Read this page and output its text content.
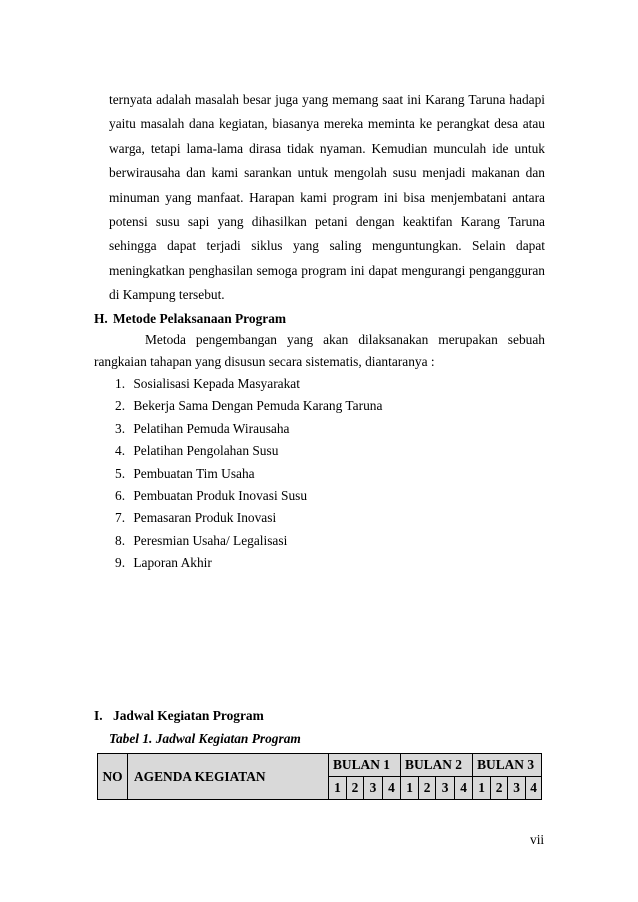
ternyata adalah masalah besar juga yang memang saat ini Karang Taruna hadapi yaitu masalah dana kegiatan, biasanya mereka meminta ke perangkat desa atau warga, tetapi lama-lama dirasa tidak nyaman. Kemudian munculah ide untuk berwirausaha dan kami sarankan untuk mengolah susu menjadi makanan dan minuman yang manfaat. Harapan kami program ini bisa menjembatani antara potensi susu sapi yang dihasilkan petani dengan keaktifan Karang Taruna sehingga dapat terjadi siklus yang saling menguntungkan. Selain dapat meningkatkan penghasilan semoga program ini dapat mengurangi pengangguran di Kampung tersebut.

H. Metode Pelaksanaan Program

Metoda pengembangan yang akan dilaksanakan merupakan sebuah rangkaian tahapan yang disusun secara sistematis, diantaranya :

1. Sosialisasi Kepada Masyarakat
2. Bekerja Sama Dengan Pemuda Karang Taruna
3. Pelatihan Pemuda Wirausaha
4. Pelatihan Pengolahan Susu
5. Pembuatan Tim Usaha
6. Pembuatan Produk Inovasi Susu
7. Pemasaran Produk Inovasi
8. Peresmian Usaha/ Legalisasi
9. Laporan Akhir
I. Jadwal Kegiatan Program

Tabel 1. Jadwal Kegiatan Program

NO	AGENDA KEGIATAN	BULAN 1				BULAN 2				BULAN 3			
		1	2	3	4	1	2	3	4	1	2	3	4

vii
